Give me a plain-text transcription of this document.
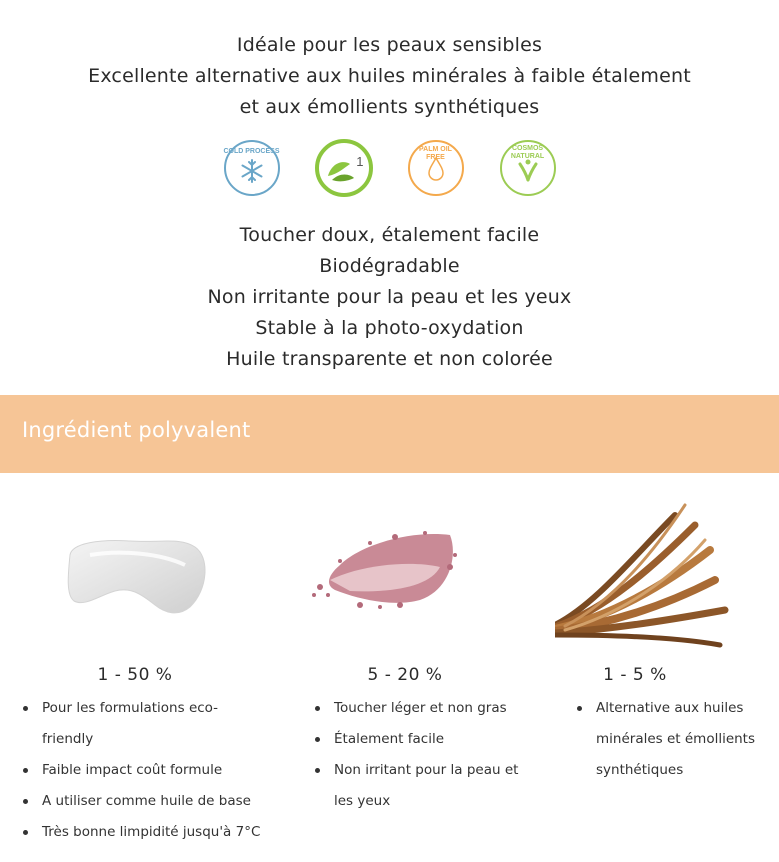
Idéale pour les peaux sensibles

Excellente alternative aux huiles minérales à faible étalement

et aux émollients synthétiques

COLD PROCESS
1
PALM OIL FREE
COSMOS NATURAL

Toucher doux, étalement facile

Biodégradable

Non irritante pour la peau et les yeux

Stable à la photo-oxydation

Huile transparente et non colorée

Ingrédient polyvalent
1 - 50 %
Pour les formulations eco-
friendly
Faible impact coût formule
A utiliser comme huile de base
Très bonne limpidité jusqu'à 7°C
5 - 20 %
Toucher léger et non gras
Étalement facile
Non irritant pour la peau et
les yeux
1 - 5 %
Alternative aux huiles
minérales et émollients
synthétiques
